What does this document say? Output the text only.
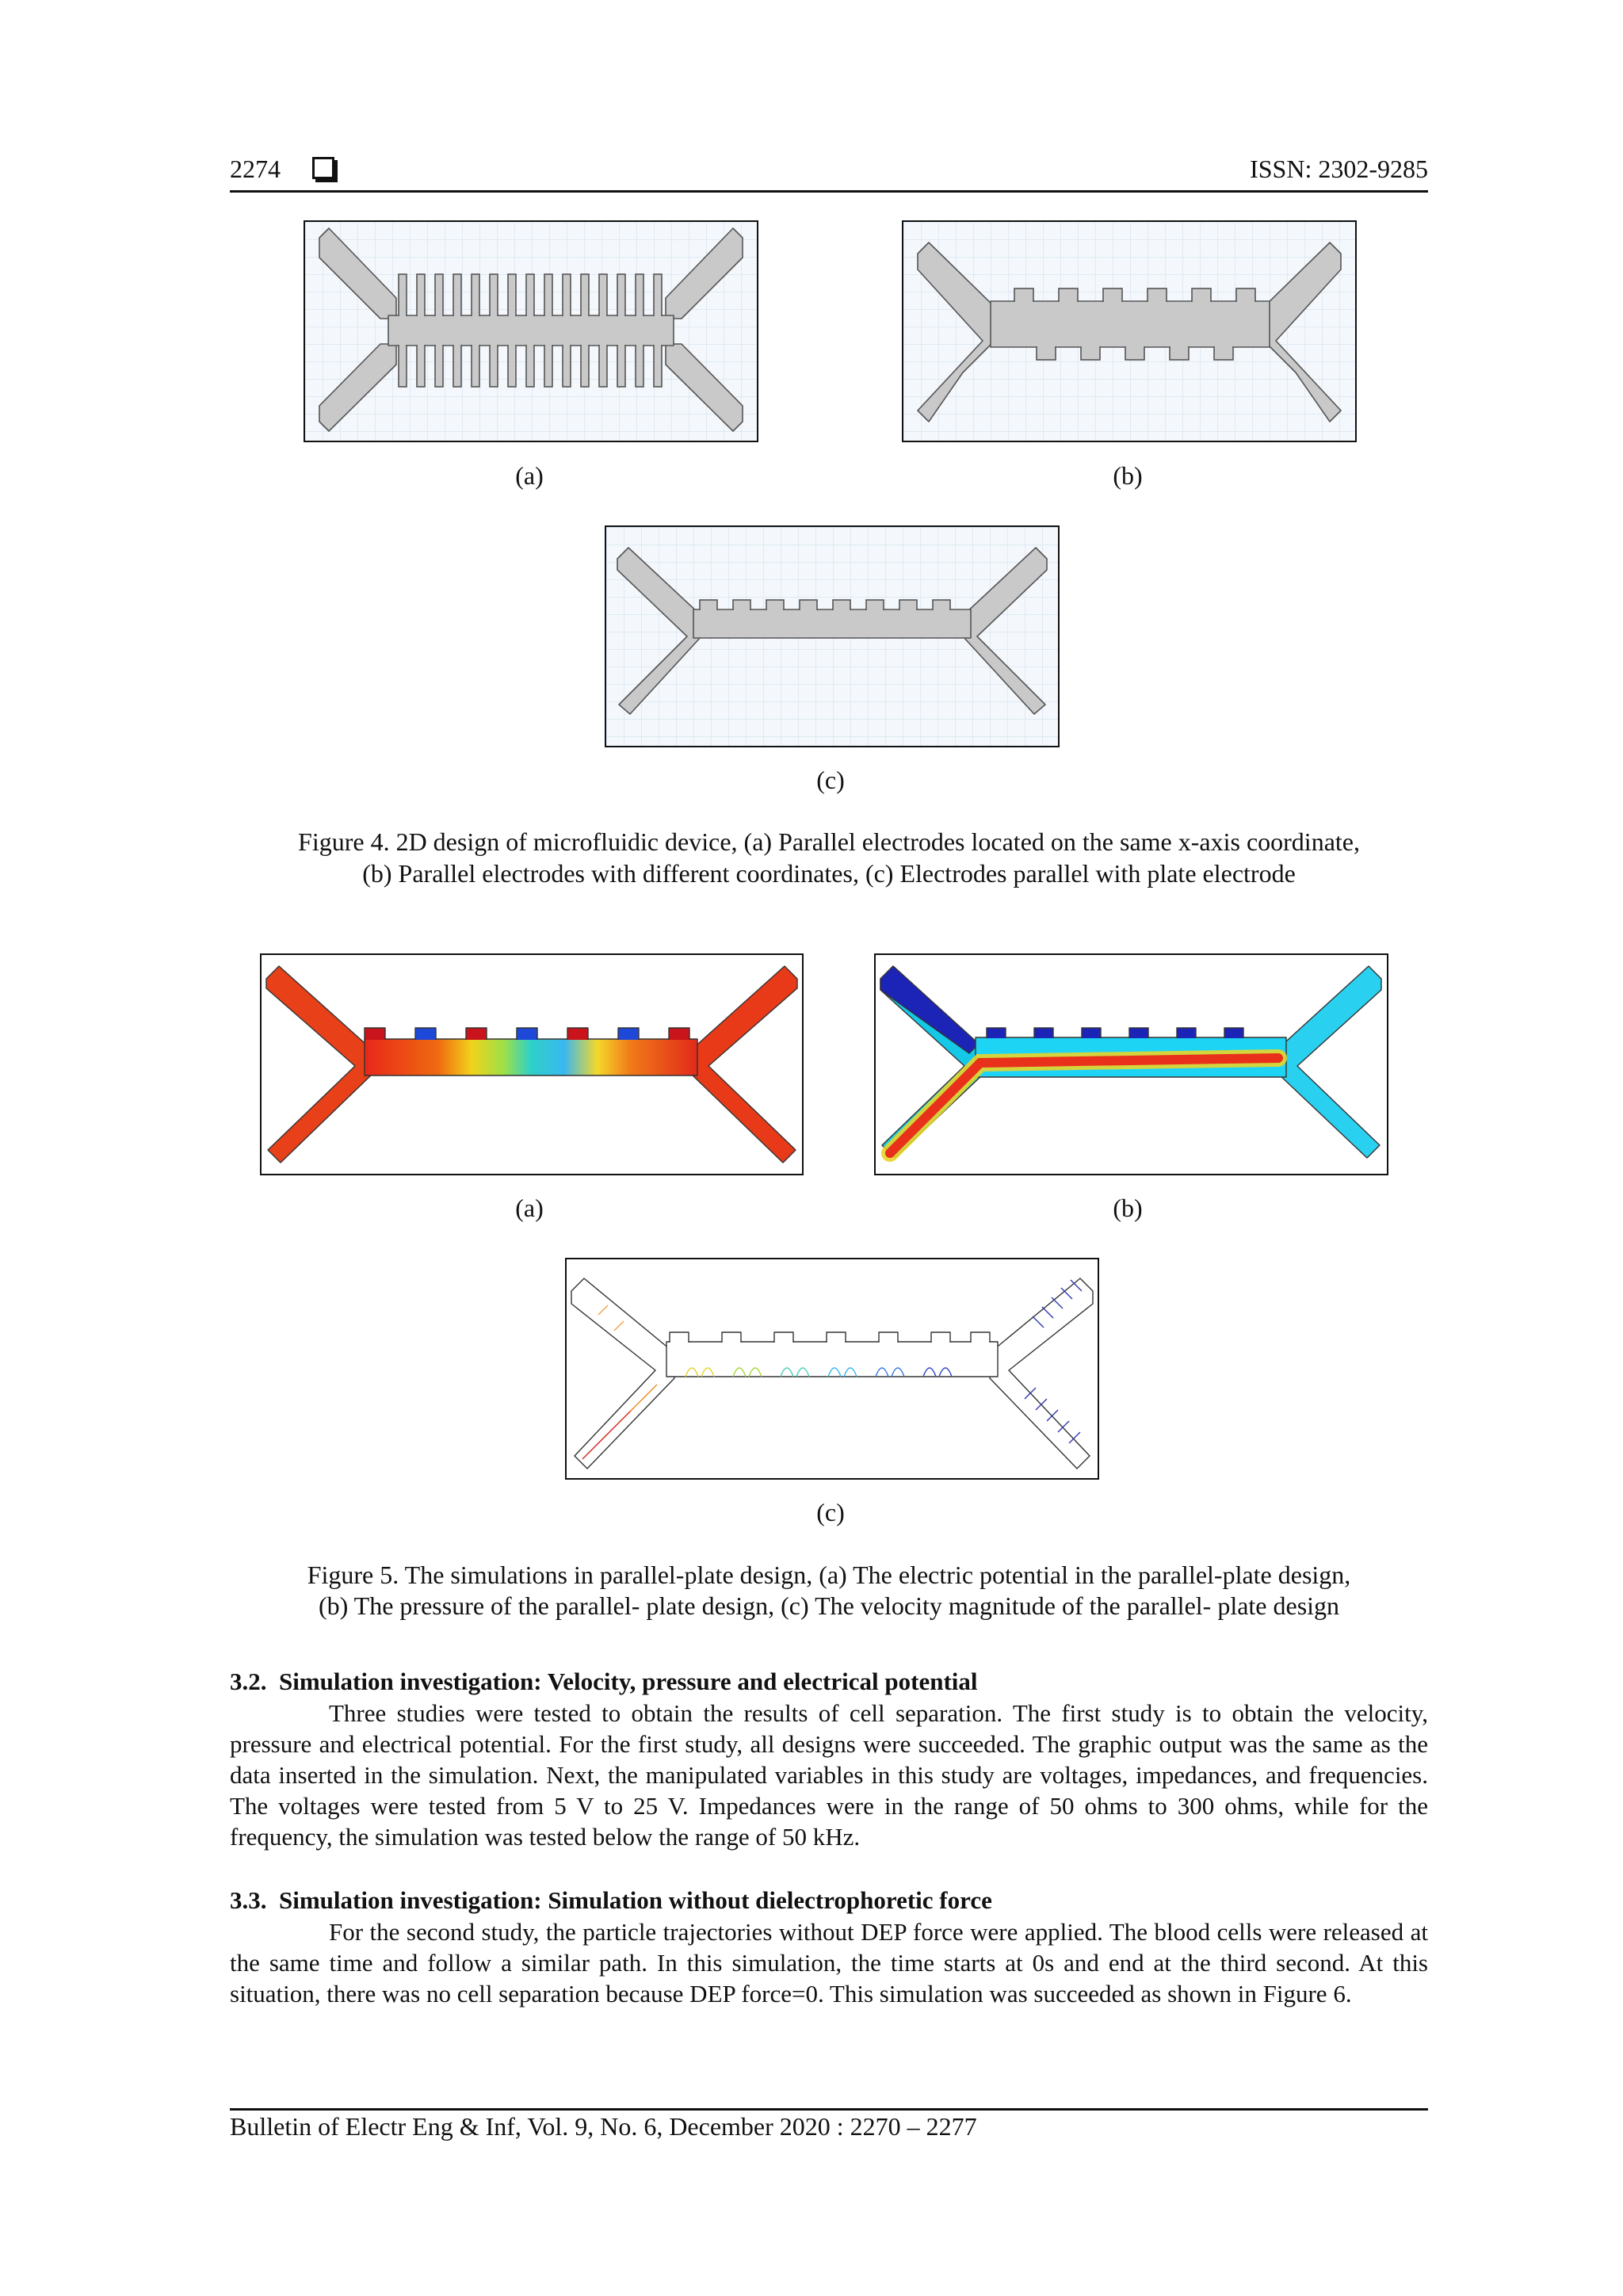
2274	ISSN: 2302-9285
(a)	(b)
(c)
Figure 4. 2D design of microfluidic device, (a) Parallel electrodes located on the same x-axis coordinate,
(b) Parallel electrodes with different coordinates, (c) Electrodes parallel with plate electrode
(a)	(b)
(c)
Figure 5. The simulations in parallel-plate design, (a) The electric potential in the parallel-plate design,
(b) The pressure of the parallel- plate design, (c) The velocity magnitude of the parallel- plate design
3.2.  Simulation investigation: Velocity, pressure and electrical potential
Three studies were tested to obtain the results of cell separation. The first study is to obtain the velocity, pressure and electrical potential. For the first study, all designs were succeeded. The graphic output was the same as the data inserted in the simulation. Next, the manipulated variables in this study are voltages, impedances, and frequencies. The voltages were tested from 5 V to 25 V. Impedances were in the range of 50 ohms to 300 ohms, while for the frequency, the simulation was tested below the range of 50 kHz.
3.3.  Simulation investigation: Simulation without dielectrophoretic force
For the second study, the particle trajectories without DEP force were applied. The blood cells were released at the same time and follow a similar path. In this simulation, the time starts at 0s and end at the third second. At this situation, there was no cell separation because DEP force=0. This simulation was succeeded as shown in Figure 6.
Bulletin of Electr Eng & Inf, Vol. 9, No. 6, December 2020 : 2270 – 2277
